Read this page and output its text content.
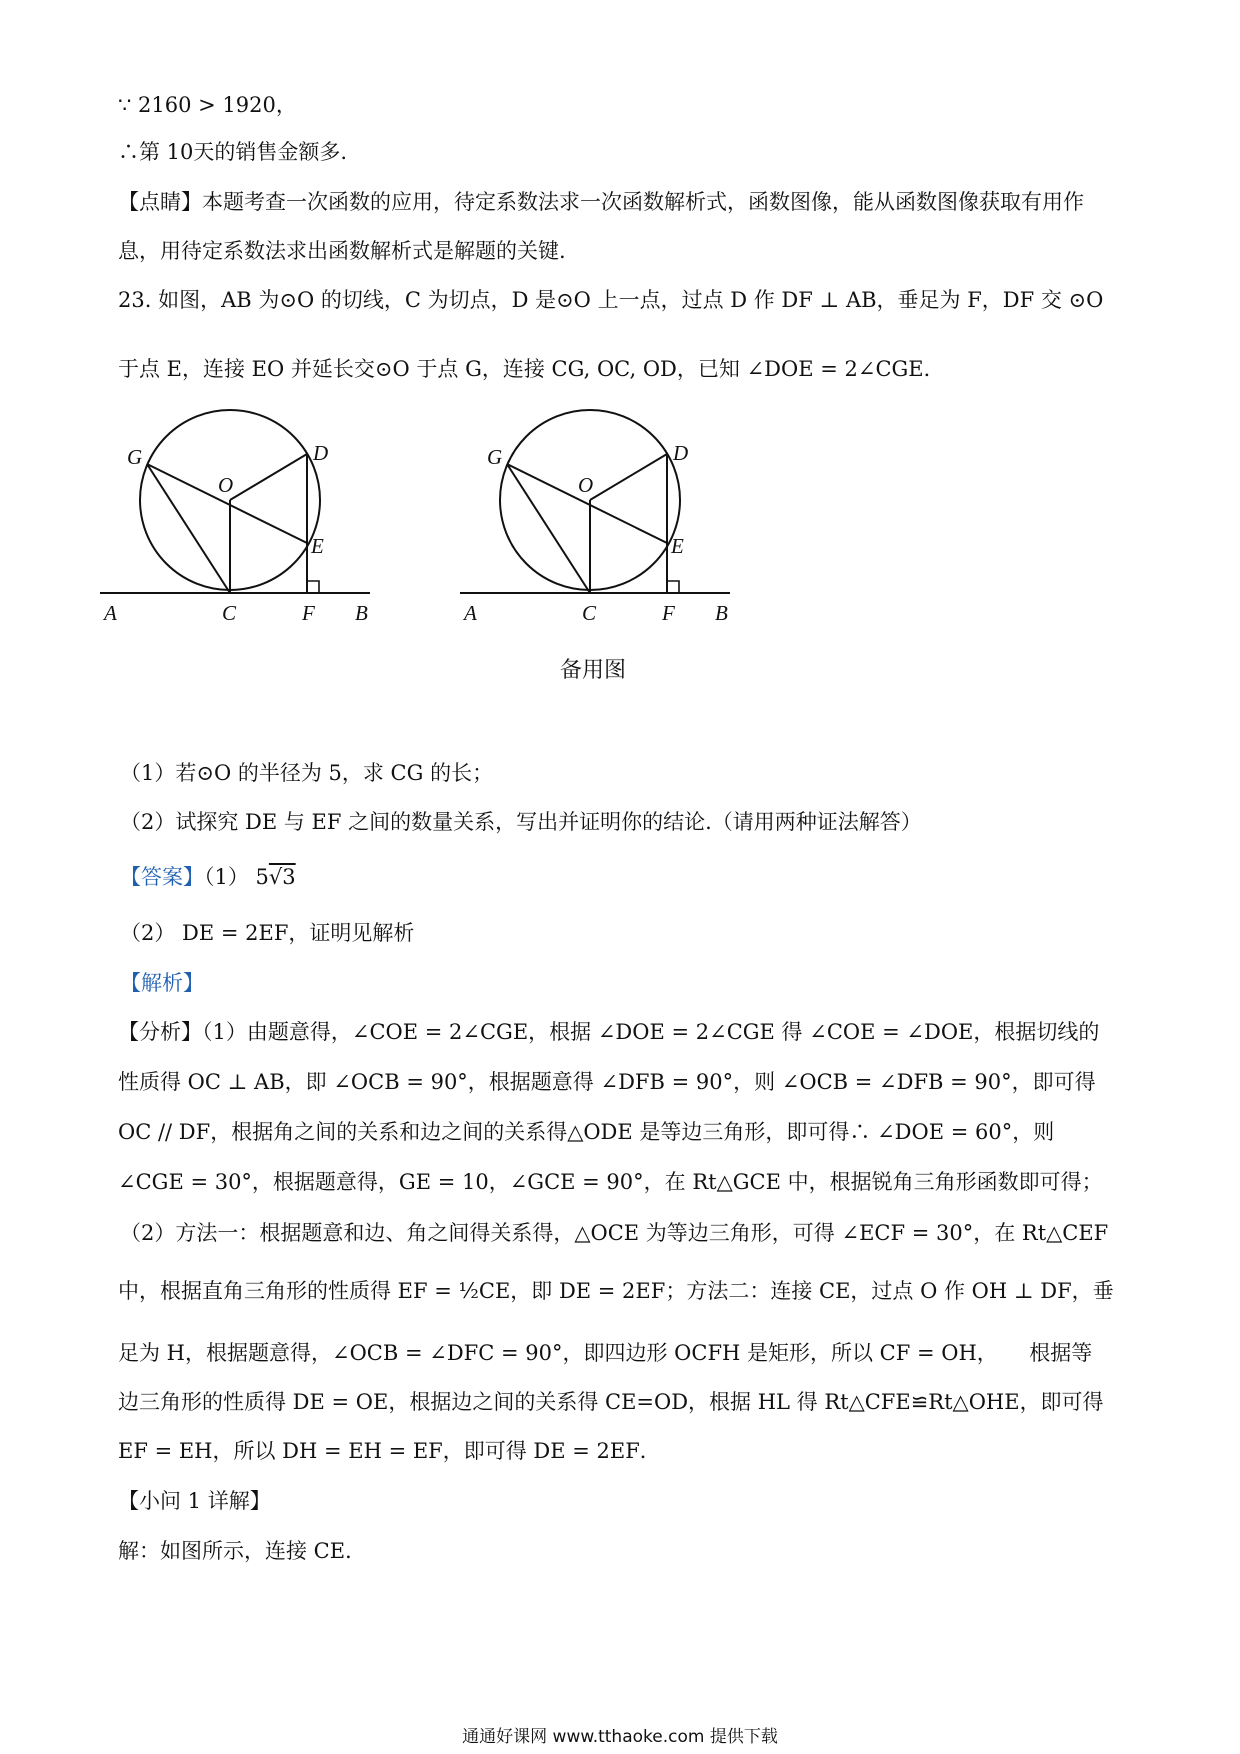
∵ 2160 > 1920，
∴第 10天的销售金额多.
【点睛】本题考查一次函数的应用，待定系数法求一次函数解析式，函数图像，能从函数图像获取有用作
息，用待定系数法求出函数解析式是解题的关键.
23. 如图，AB 为⊙O 的切线，C 为切点，D 是⊙O 上一点，过点 D 作 DF ⊥ AB，垂足为 F，DF 交 ⊙O
于点 E，连接 EO 并延长交⊙O 于点 G，连接 CG, OC, OD，已知 ∠DOE = 2∠CGE．
G	D
O
E
A	C	F B
G	D
O
E
A	C	F B
备用图
（1）若⊙O 的半径为 5，求 CG 的长；
（2）试探究 DE 与 EF 之间的数量关系，写出并证明你的结论.（请用两种证法解答）
【答案】（1） 5√3
（2） DE = 2EF，证明见解析
【解析】
【分析】（1）由题意得，∠COE = 2∠CGE，根据 ∠DOE = 2∠CGE 得 ∠COE = ∠DOE，根据切线的
性质得 OC ⊥ AB，即 ∠OCB = 90°，根据题意得 ∠DFB = 90°，则 ∠OCB = ∠DFB = 90°，即可得
OC // DF，根据角之间的关系和边之间的关系得△ODE 是等边三角形，即可得∴ ∠DOE = 60°，则
∠CGE = 30°，根据题意得，GE = 10，∠GCE = 90°，在 Rt△GCE 中，根据锐角三角形函数即可得；
（2）方法一：根据题意和边、角之间得关系得，△OCE 为等边三角形，可得 ∠ECF = 30°，在 Rt△CEF
中，根据直角三角形的性质得 EF = ½CE，即 DE = 2EF；方法二：连接 CE，过点 O 作 OH ⊥ DF，垂
足为 H，根据题意得，∠OCB = ∠DFC = 90°，即四边形 OCFH 是矩形，所以 CF = OH，　　根据等
边三角形的性质得 DE = OE，根据边之间的关系得 CE=OD，根据 HL 得 Rt△CFE≌Rt△OHE，即可得
EF = EH，所以 DH = EH = EF，即可得 DE = 2EF．
【小问 1 详解】
解：如图所示，连接 CE．
通通好课网 www.tthaoke.com 提供下载
